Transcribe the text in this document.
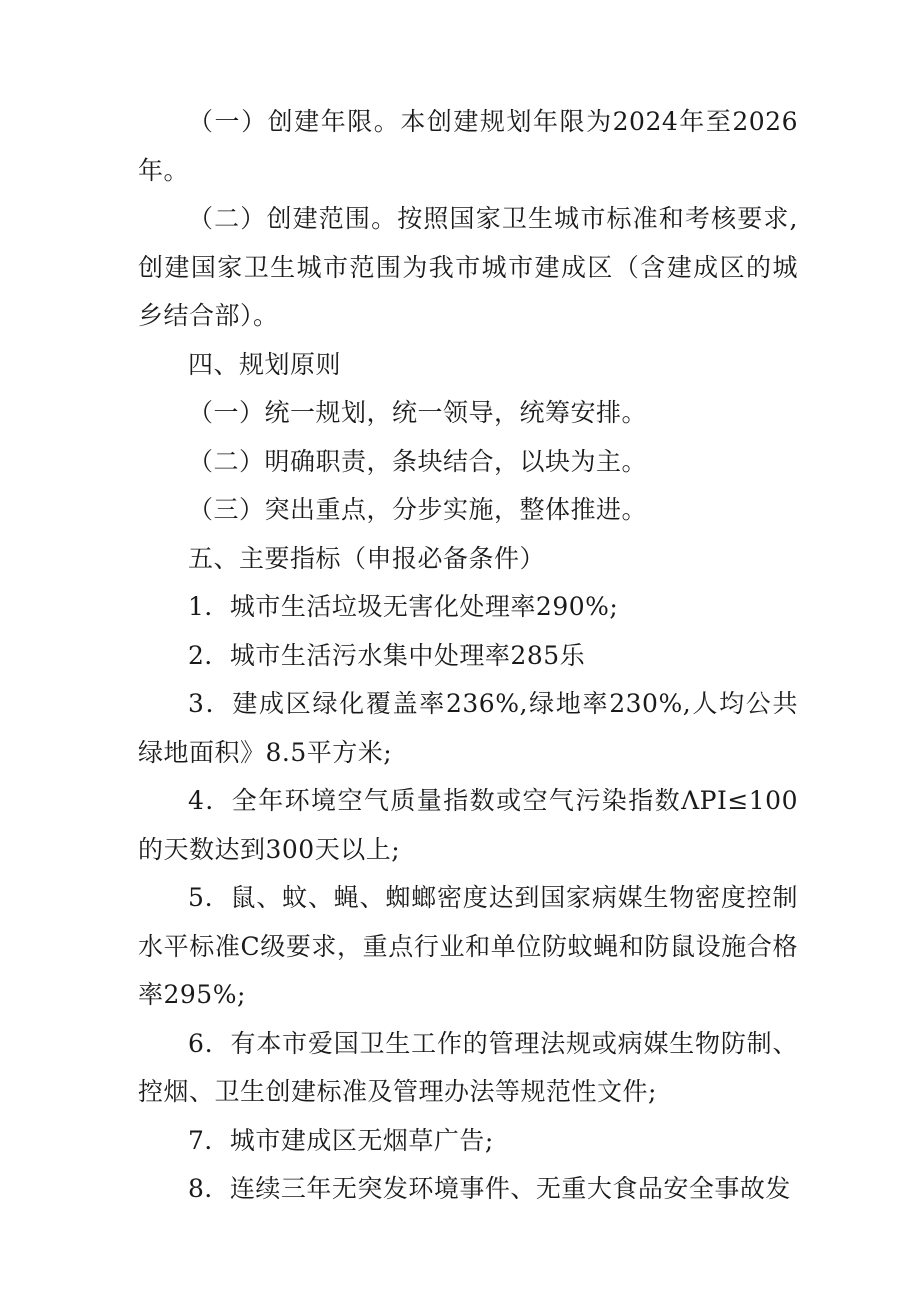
（一）创建年限。本创建规划年限为2024年至2026年。

（二）创建范围。按照国家卫生城市标准和考核要求,创建国家卫生城市范围为我市城市建成区（含建成区的城乡结合部）。

四、规划原则

（一）统一规划，统一领导，统筹安排。

（二）明确职责，条块结合，以块为主。

（三）突出重点，分步实施，整体推进。

五、主要指标（申报必备条件）

1．城市生活垃圾无害化处理率290%;

2．城市生活污水集中处理率285乐

3．建成区绿化覆盖率236%,绿地率230%,人均公共绿地面积》8.5平方米;

4．全年环境空气质量指数或空气污染指数ΛPI≤100的天数达到300天以上;

5．鼠、蚊、蝇、蜘螂密度达到国家病媒生物密度控制水平标准C级要求，重点行业和单位防蚊蝇和防鼠设施合格率295%;

6．有本市爱国卫生工作的管理法规或病媒生物防制、控烟、卫生创建标准及管理办法等规范性文件;

7．城市建成区无烟草广告;

8．连续三年无突发环境事件、无重大食品安全事故发
